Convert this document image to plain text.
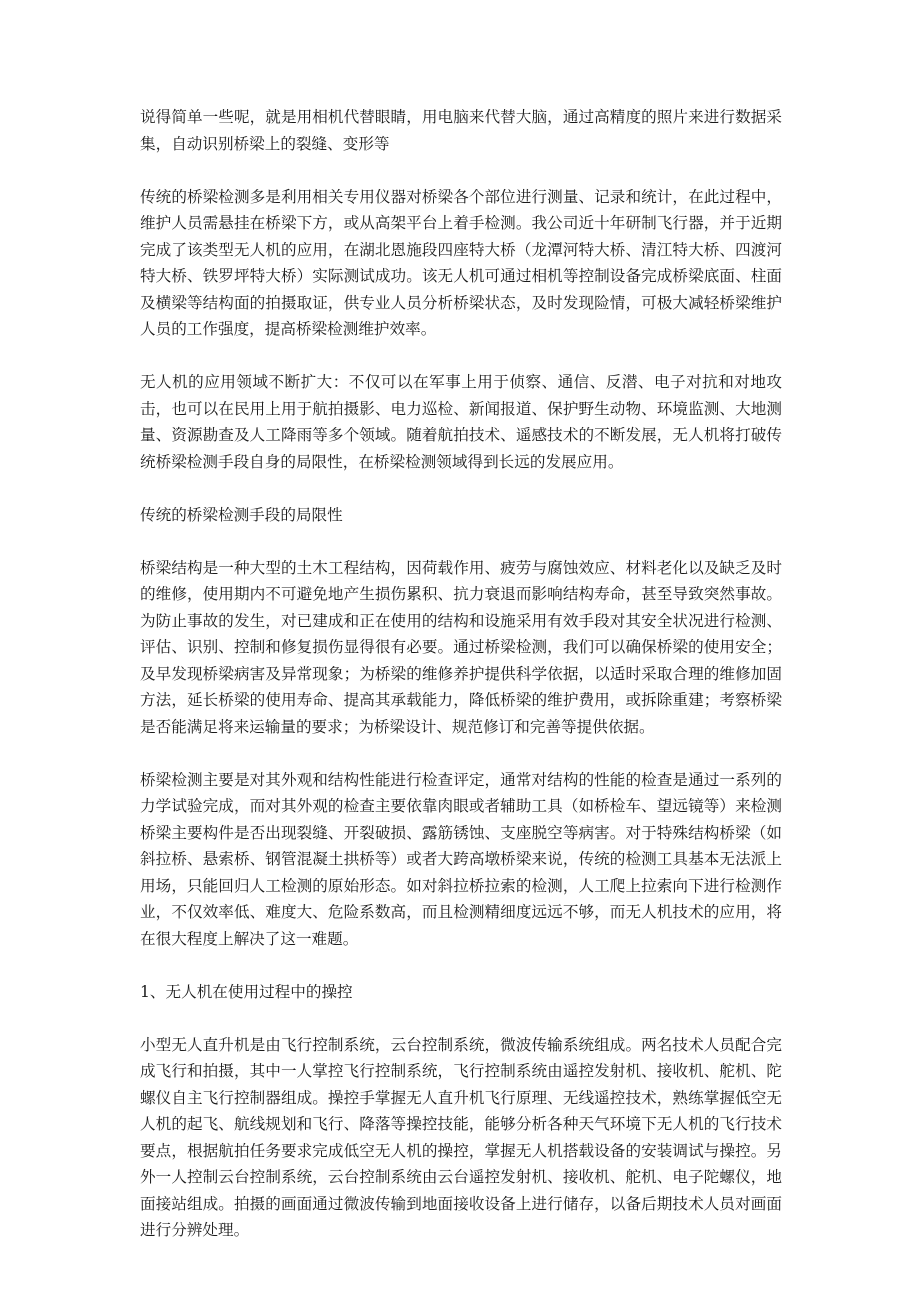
说得简单一些呢，就是用相机代替眼睛，用电脑来代替大脑，通过高精度的照片来进行数据采集，自动识别桥梁上的裂缝、变形等

传统的桥梁检测多是利用相关专用仪器对桥梁各个部位进行测量、记录和统计，在此过程中，维护人员需悬挂在桥梁下方，或从高架平台上着手检测。我公司近十年研制飞行器，并于近期完成了该类型无人机的应用，在湖北恩施段四座特大桥（龙潭河特大桥、清江特大桥、四渡河特大桥、铁罗坪特大桥）实际测试成功。该无人机可通过相机等控制设备完成桥梁底面、柱面及横梁等结构面的拍摄取证，供专业人员分析桥梁状态，及时发现险情，可极大减轻桥梁维护人员的工作强度，提高桥梁检测维护效率。

无人机的应用领域不断扩大：不仅可以在军事上用于侦察、通信、反潜、电子对抗和对地攻击，也可以在民用上用于航拍摄影、电力巡检、新闻报道、保护野生动物、环境监测、大地测量、资源勘查及人工降雨等多个领域。随着航拍技术、遥感技术的不断发展，无人机将打破传统桥梁检测手段自身的局限性，在桥梁检测领域得到长远的发展应用。

传统的桥梁检测手段的局限性

桥梁结构是一种大型的土木工程结构，因荷载作用、疲劳与腐蚀效应、材料老化以及缺乏及时的维修，使用期内不可避免地产生损伤累积、抗力衰退而影响结构寿命，甚至导致突然事故。为防止事故的发生，对已建成和正在使用的结构和设施采用有效手段对其安全状况进行检测、评估、识别、控制和修复损伤显得很有必要。通过桥梁检测，我们可以确保桥梁的使用安全；及早发现桥梁病害及异常现象；为桥梁的维修养护提供科学依据，以适时采取合理的维修加固方法，延长桥梁的使用寿命、提高其承载能力，降低桥梁的维护费用，或拆除重建；考察桥梁是否能满足将来运输量的要求；为桥梁设计、规范修订和完善等提供依据。

桥梁检测主要是对其外观和结构性能进行检查评定，通常对结构的性能的检查是通过一系列的力学试验完成，而对其外观的检查主要依靠肉眼或者辅助工具（如桥检车、望远镜等）来检测桥梁主要构件是否出现裂缝、开裂破损、露筋锈蚀、支座脱空等病害。对于特殊结构桥梁（如斜拉桥、悬索桥、钢管混凝土拱桥等）或者大跨高墩桥梁来说，传统的检测工具基本无法派上用场，只能回归人工检测的原始形态。如对斜拉桥拉索的检测，人工爬上拉索向下进行检测作业，不仅效率低、难度大、危险系数高，而且检测精细度远远不够，而无人机技术的应用，将在很大程度上解决了这一难题。

1、无人机在使用过程中的操控

小型无人直升机是由飞行控制系统，云台控制系统，微波传输系统组成。两名技术人员配合完成飞行和拍摄，其中一人掌控飞行控制系统，飞行控制系统由遥控发射机、接收机、舵机、陀螺仪自主飞行控制器组成。操控手掌握无人直升机飞行原理、无线遥控技术，熟练掌握低空无人机的起飞、航线规划和飞行、降落等操控技能，能够分析各种天气环境下无人机的飞行技术要点，根据航拍任务要求完成低空无人机的操控，掌握无人机搭载设备的安装调试与操控。另外一人控制云台控制系统，云台控制系统由云台遥控发射机、接收机、舵机、电子陀螺仪，地面接站组成。拍摄的画面通过微波传输到地面接收设备上进行储存，以备后期技术人员对画面进行分辨处理。
